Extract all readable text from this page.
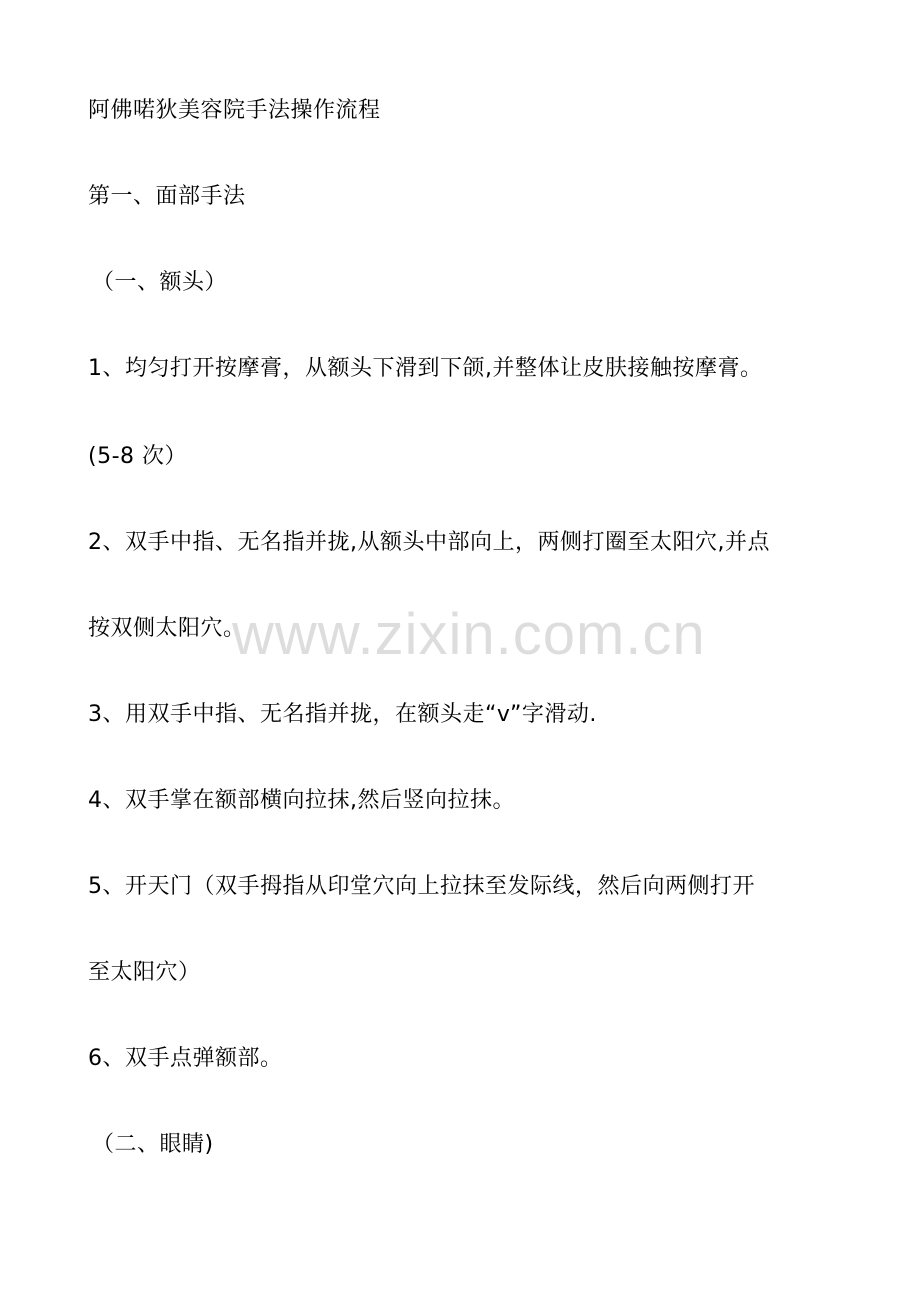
阿佛喏狄美容院手法操作流程
第一、面部手法
（一、额头）
1、均匀打开按摩膏，从额头下滑到下颌,并整体让皮肤接触按摩膏。
(5-8 次）
2、双手中指、无名指并拢,从额头中部向上，两侧打圈至太阳穴,并点
按双侧太阳穴。
3、用双手中指、无名指并拢，在额头走“v”字滑动.
4、双手掌在额部横向拉抹,然后竖向拉抹。
5、开天门（双手拇指从印堂穴向上拉抹至发际线，然后向两侧打开
至太阳穴）
6、双手点弹额部。
（二、眼睛)
www.zixin.com.cn
